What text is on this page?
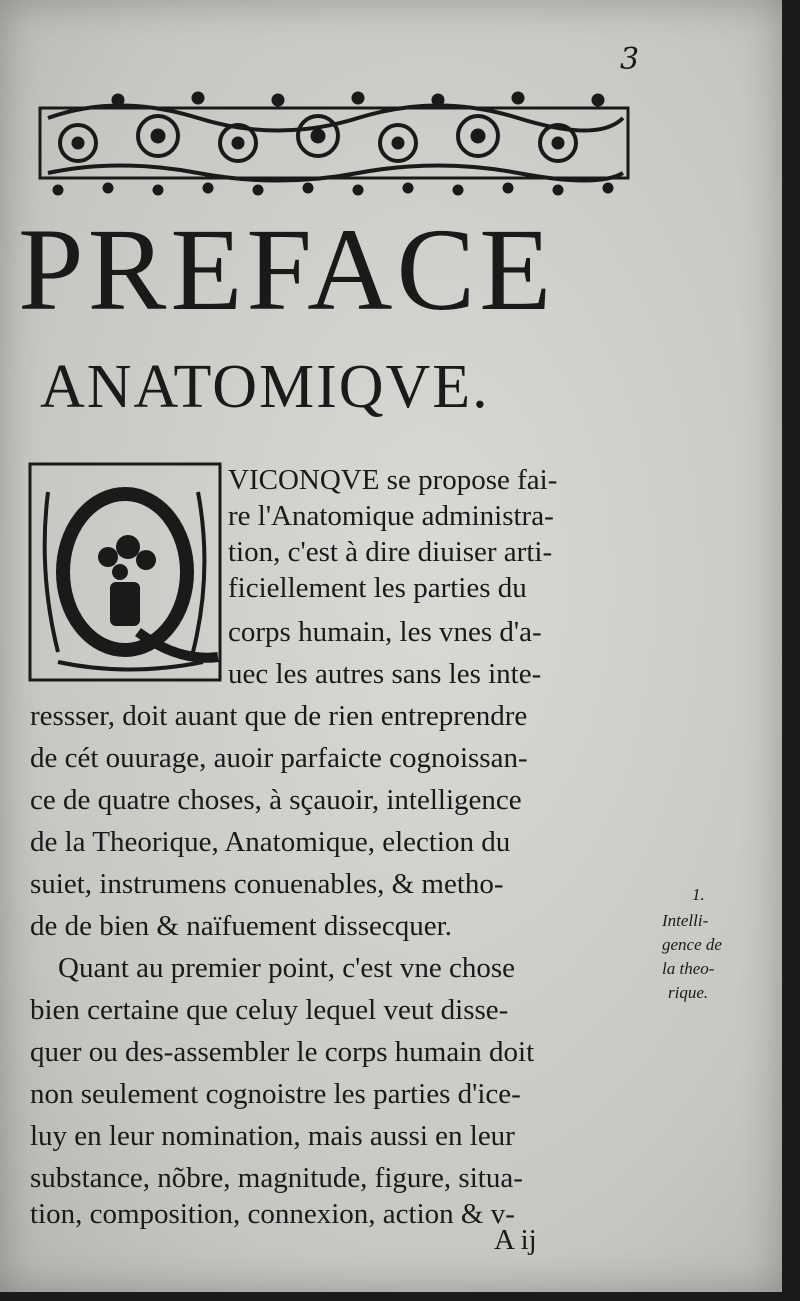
3
PREFACE
ANATOMIQVE.
VICONQVE se propose fai-
re l'Anatomique administra-
tion, c'est à dire diuiser arti-
ficiellement les parties du
corps humain, les vnes d'a-
uec les autres sans les inte-
ressser, doit auant que de rien entreprendre
de cét ouurage, auoir parfaicte cognoissan-
ce de quatre choses, à sçauoir, intelligence
de la Theorique, Anatomique, election du
suiet, instrumens conuenables, & metho-
de de bien & naïfuement dissecquer.
Quant au premier point, c'est vne chose
bien certaine que celuy lequel veut disse-
quer ou des-assembler le corps humain doit
non seulement cognoistre les parties d'ice-
luy en leur nomination, mais aussi en leur
substance, nõbre, magnitude, figure, situa-
tion, composition, connexion, action & v-
1.
Intelli-
gence de
la theo-
rique.
A ij
